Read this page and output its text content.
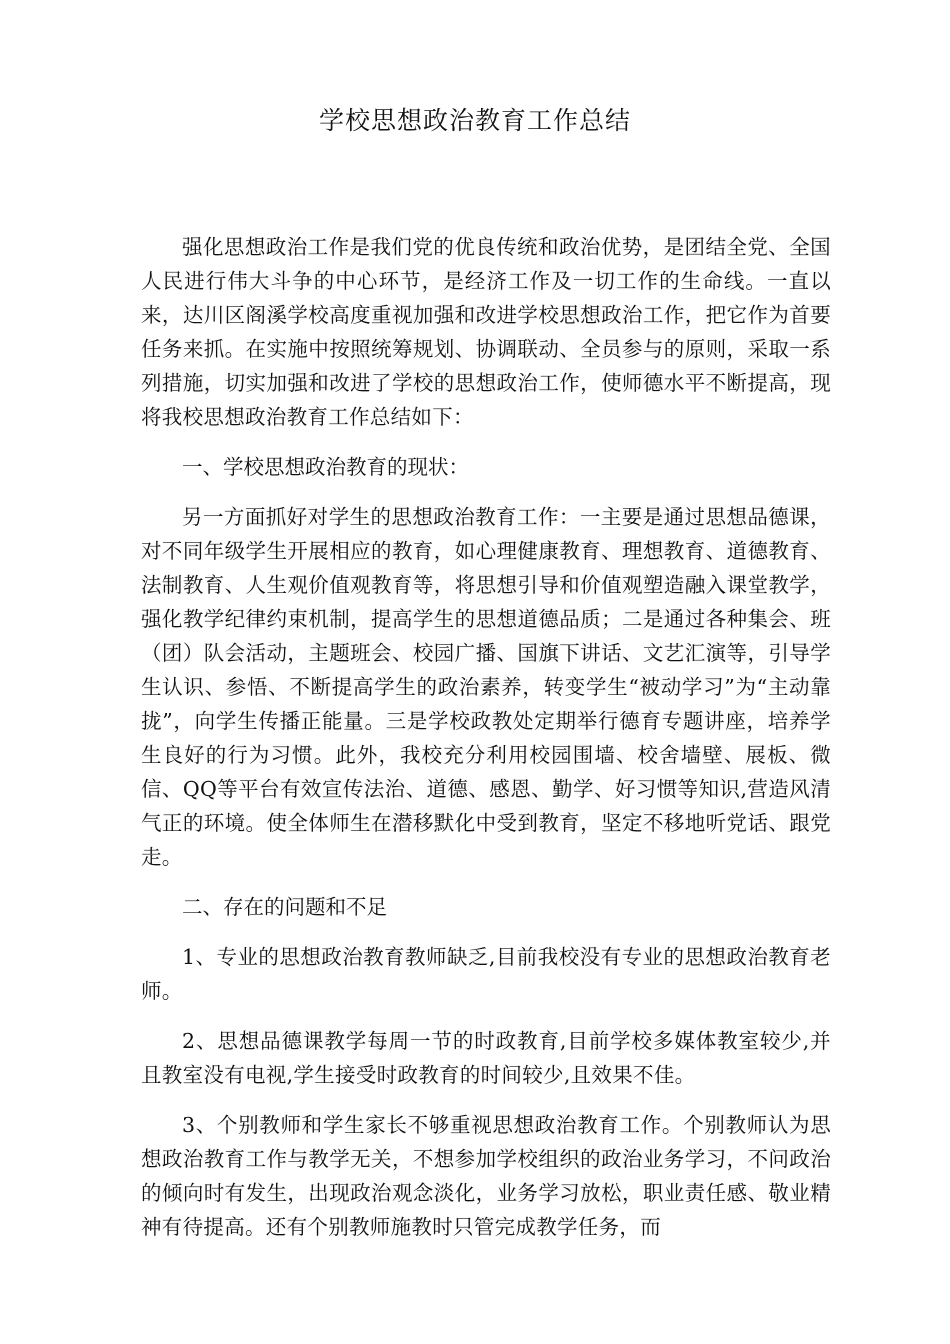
学校思想政治教育工作总结

强化思想政治工作是我们党的优良传统和政治优势，是团结全党、全国人民进行伟大斗争的中心环节，是经济工作及一切工作的生命线。一直以来，达川区阁溪学校高度重视加强和改进学校思想政治工作，把它作为首要任务来抓。在实施中按照统筹规划、协调联动、全员参与的原则，采取一系列措施，切实加强和改进了学校的思想政治工作，使师德水平不断提高，现将我校思想政治教育工作总结如下：

一、学校思想政治教育的现状：

另一方面抓好对学生的思想政治教育工作：一主要是通过思想品德课，对不同年级学生开展相应的教育，如心理健康教育、理想教育、道德教育、法制教育、人生观价值观教育等，将思想引导和价值观塑造融入课堂教学，强化教学纪律约束机制，提高学生的思想道德品质；二是通过各种集会、班（团）队会活动，主题班会、校园广播、国旗下讲话、文艺汇演等，引导学生认识、参悟、不断提高学生的政治素养，转变学生“被动学习”为“主动靠拢”，向学生传播正能量。三是学校政教处定期举行德育专题讲座，培养学生良好的行为习惯。此外，我校充分利用校园围墙、校舍墙壁、展板、微信、QQ等平台有效宣传法治、道德、感恩、勤学、好习惯等知识,营造风清气正的环境。使全体师生在潜移默化中受到教育，坚定不移地听党话、跟党走。

二、存在的问题和不足

1、专业的思想政治教育教师缺乏,目前我校没有专业的思想政治教育老师。

2、思想品德课教学每周一节的时政教育,目前学校多媒体教室较少,并且教室没有电视,学生接受时政教育的时间较少,且效果不佳。

3、个别教师和学生家长不够重视思想政治教育工作。个别教师认为思想政治教育工作与教学无关，不想参加学校组织的政治业务学习，不问政治的倾向时有发生，出现政治观念淡化，业务学习放松，职业责任感、敬业精神有待提高。还有个别教师施教时只管完成教学任务，而
